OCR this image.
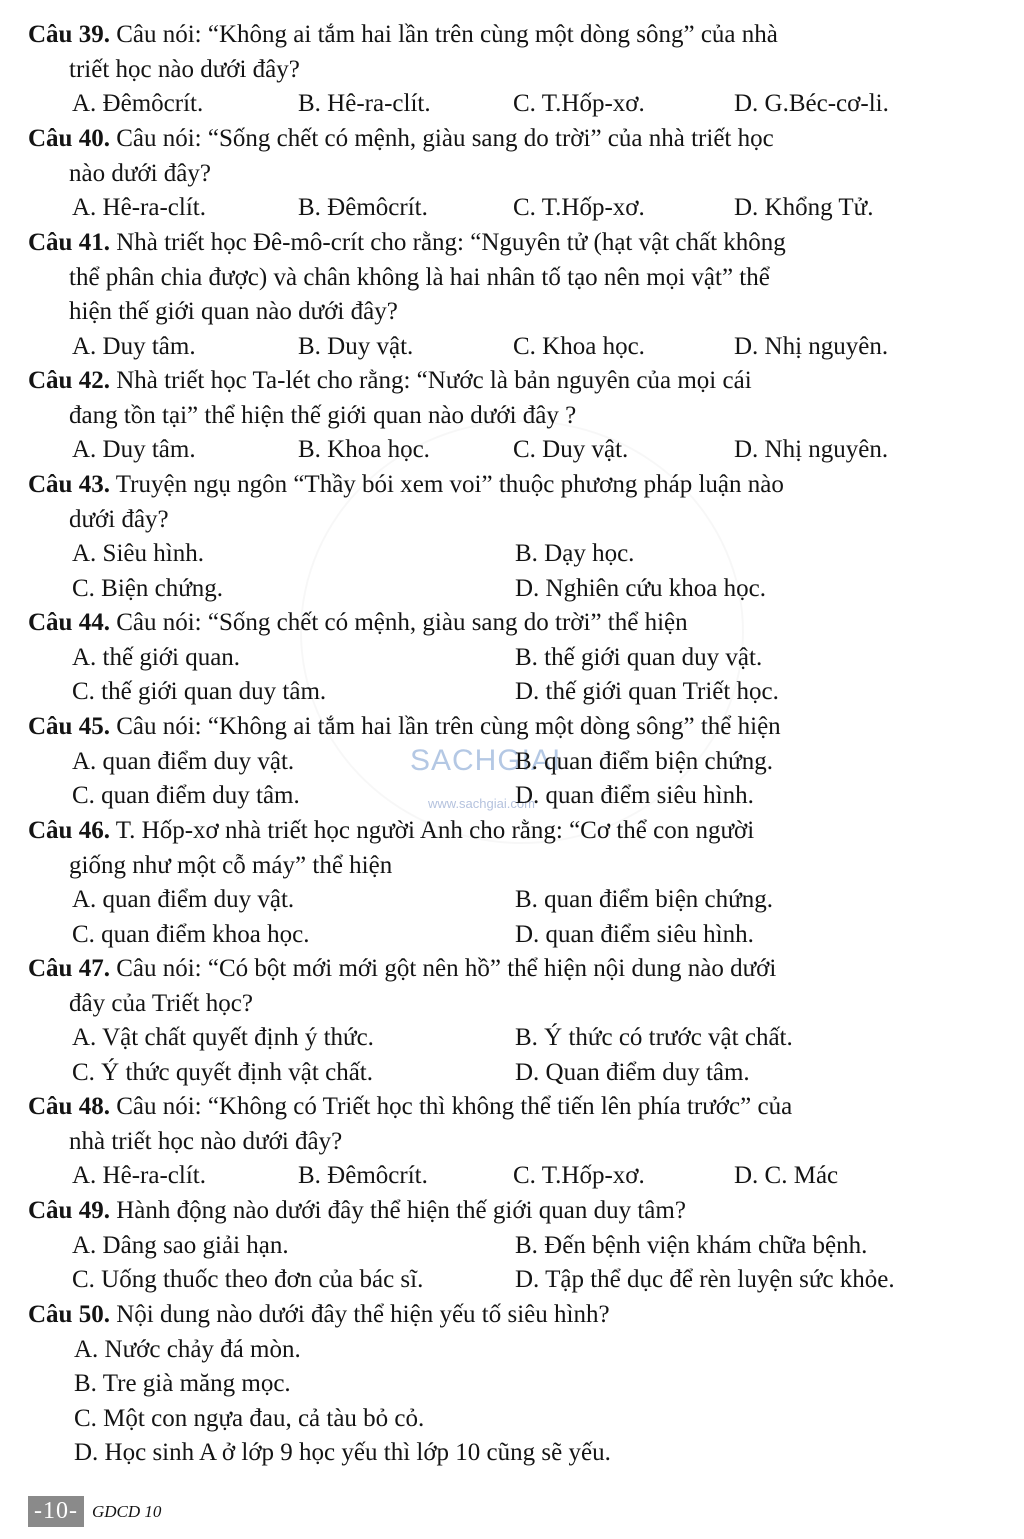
SACHGIAI
www.sachgiai.com
Câu 39. Câu nói: “Không ai tắm hai lần trên cùng một dòng sông” của nhà
triết học nào dưới đây?
A. Đêmôcrít.	B. Hê-ra-clít.	C. T.Hốp-xơ.	D. G.Béc-cơ-li.
Câu 40. Câu nói: “Sống chết có mệnh, giàu sang do trời” của nhà triết học
nào dưới đây?
A. Hê-ra-clít.	B. Đêmôcrít.	C. T.Hốp-xơ.	D. Khổng Tử.
Câu 41. Nhà triết học Đê-mô-crít cho rằng: “Nguyên tử (hạt vật chất không
thể phân chia được) và chân không là hai nhân tố tạo nên mọi vật” thể
hiện thế giới quan nào dưới đây?
A. Duy tâm.	B. Duy vật.	C. Khoa học.	D. Nhị nguyên.
Câu 42. Nhà triết học Ta-lét cho rằng: “Nước là bản nguyên của mọi cái
đang tồn tại” thể hiện thế giới quan nào dưới đây ?
A. Duy tâm.	B. Khoa học.	C. Duy vật.	D. Nhị nguyên.
Câu 43. Truyện ngụ ngôn “Thầy bói xem voi” thuộc phương pháp luận nào
dưới đây?
A. Siêu hình.	B. Dạy học.
C. Biện chứng.	D. Nghiên cứu khoa học.
Câu 44. Câu nói: “Sống chết có mệnh, giàu sang do trời” thể hiện
A. thế giới quan.	B. thế giới quan duy vật.
C. thế giới quan duy tâm.	D. thế giới quan Triết học.
Câu 45. Câu nói: “Không ai tắm hai lần trên cùng một dòng sông” thể hiện
A. quan điểm duy vật.	B. quan điểm biện chứng.
C. quan điểm duy tâm.	D. quan điểm siêu hình.
Câu 46. T. Hốp-xơ nhà triết học người Anh cho rằng: “Cơ thể con người
giống như một cỗ máy” thể hiện
A. quan điểm duy vật.	B. quan điểm biện chứng.
C. quan điểm khoa học.	D. quan điểm siêu hình.
Câu 47. Câu nói: “Có bột mới mới gột nên hồ” thể hiện nội dung nào dưới
đây của Triết học?
A. Vật chất quyết định ý thức.	B. Ý thức có trước vật chất.
C. Ý thức quyết định vật chất.	D. Quan điểm duy tâm.
Câu 48. Câu nói: “Không có Triết học thì không thể tiến lên phía trước” của
nhà triết học nào dưới đây?
A. Hê-ra-clít.	B. Đêmôcrít.	C. T.Hốp-xơ.	D. C. Mác
Câu 49. Hành động nào dưới đây thể hiện thế giới quan duy tâm?
A. Dâng sao giải hạn.	B. Đến bệnh viện khám chữa bệnh.
C. Uống thuốc theo đơn của bác sĩ.	D. Tập thể dục để rèn luyện sức khỏe.
Câu 50. Nội dung nào dưới đây thể hiện yếu tố siêu hình?
A. Nước chảy đá mòn.
B. Tre già măng mọc.
C. Một con ngựa đau, cả tàu bỏ cỏ.
D. Học sinh A ở lớp 9 học yếu thì lớp 10 cũng sẽ yếu.
-10- GDCD 10
